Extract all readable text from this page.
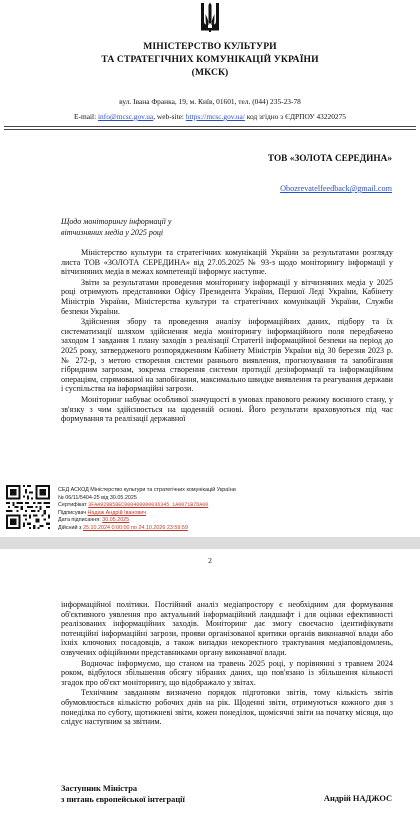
МІНІСТЕРСТВО КУЛЬТУРИ
ТА СТРАТЕГІЧНИХ КОМУНІКАЦІЙ УКРАЇНИ
(МКСК)
вул. Івана Франка, 19, м. Київ, 01601, тел. (044) 235-23-78
E-mail: info@mcsc.gov.ua, web-site: https://mcsc.gov.ua/ код згідно з ЄДРПОУ 43220275
ТОВ «ЗОЛОТА СЕРЕДИНА»
Obozrevatelfeedback@gmail.com
Щодо моніторингу інформації у вітчизняних медіа у 2025 році

Міністерство культури та стратегічних комунікацій України за результатами розгляду листа ТОВ «ЗОЛОТА СЕРЕДИНА» від 27.05.2025 № 93-з щодо моніторингу інформації у вітчизняних медіа в межах компетенції інформує наступне.

Звіти за результатами проведення моніторингу інформації у вітчизняних медіа у 2025 році отримують представники Офісу Президента України, Першої Леді України, Кабінету Міністрів України, Міністерства культури та стратегічних комунікацій України, Служби безпеки України.

Здійснення збору та проведення аналізу інформаційних даних, підбору та їх систематизації шляхом здійснення медіа моніторингу інформаційного поля передбачено заходом 1 завдання 1 плану заходів з реалізації Стратегії інформаційної безпеки на період до 2025 року, затвердженого розпорядженням Кабінету Міністрів України від 30 березня 2023 р. № 272-р, з метою створення системи раннього виявлення, прогнозування та запобігання гібридним загрозам, зокрема створення системи протидії дезінформації та інформаційним операціям, спрямованої на запобігання, максимально швидке виявлення та реагування держави і суспільства на інформаційні загрози.

Моніторинг набуває особливої значущості в умовах правового режиму воєнного стану, у зв'язку з чим здійснюється на щоденній основі. Його результати враховуються під час формування та реалізації державної

СЕД АСКОД Міністерство культури та стратегічних комунікацій України
№ 06/11/5404-25 від 30.05.2025
Сертифікат 3FAA928B58EC000400000036345 1A0071B7DA00
Підписувач Надаж Андрій Іванович
Дата підписання: 30.05.2025
Дійсний з 25.10.2024 0:00:00 по 24.10.2026 23:59:59
2

інформаційної політики. Постійний аналіз медіапростору є необхідним для формування об'єктивного уявлення про актуальний інформаційний ландшафт і для оцінки ефективності реалізованих інформаційних заходів. Моніторинг дає змогу своєчасно ідентифікувати потенційні інформаційні загрози, прояви організованої критики органів виконавчої влади або їхніх ключових посадовців, а також випадки некоректного трактування медіаповідомлень, озвучених офіційними представниками органу виконавчої влади.

Водночас інформуємо, що станом на травень 2025 році, у порівнянні з травнем 2024 роком, відбулося збільшення обсягу зібраних даних, що пов'язано із збільшення кількості згадок про об'єкт моніторингу, що відображало у звітах.

Технічним завданням визначено порядок підготовки звітів, тому кількість звітів обумовлюється кількістю робочих днів на рік. Щоденні звіти, отримуються кожного дня з понеділка по суботу, щотижневі звіти, кожен понеділок, щомісячні звіти на початку місяця, що слідує наступним за звітним.

Заступник Міністра
з питань європейської інтеграції	Андрій НАДЖОС
